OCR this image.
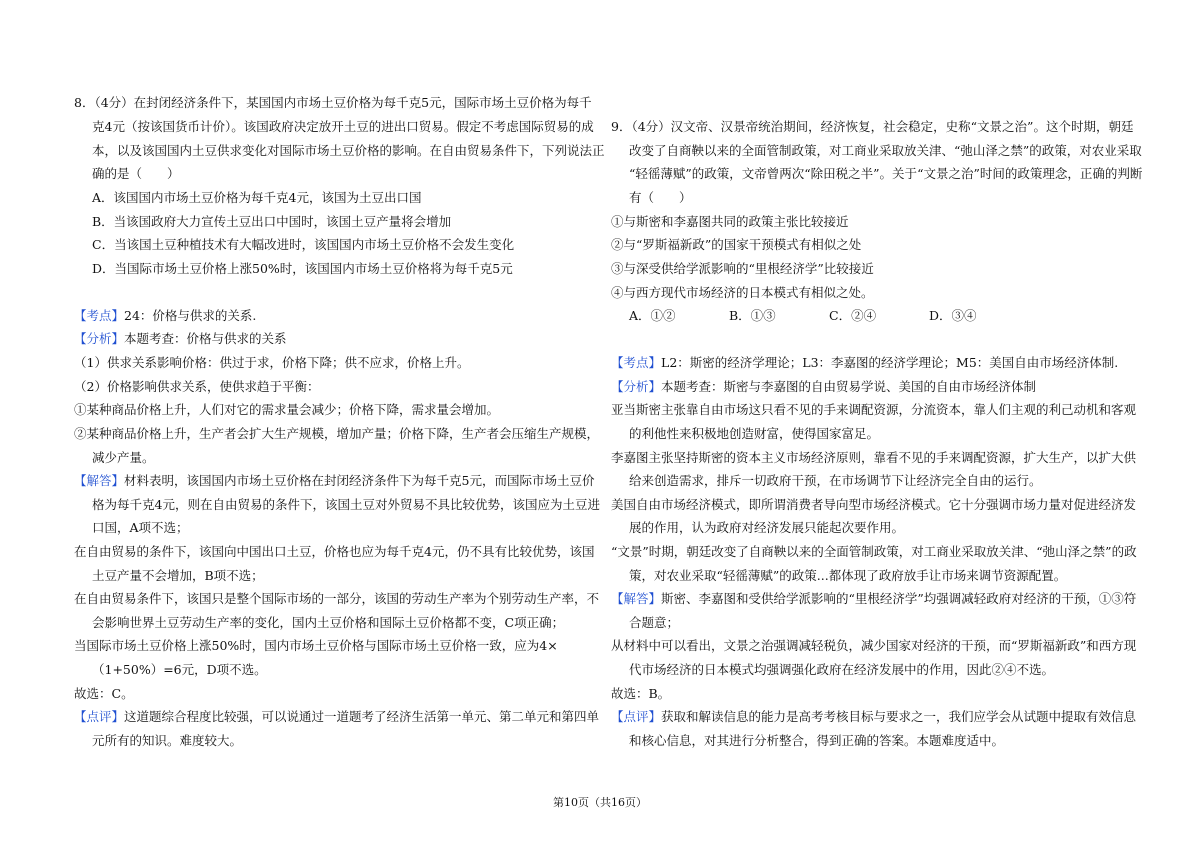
8．（4分）在封闭经济条件下，某国国内市场土豆价格为每千克5元，国际市场土豆价格为每千
克4元（按该国货币计价）。该国政府决定放开土豆的进出口贸易。假定不考虑国际贸易的成
本，以及该国国内土豆供求变化对国际市场土豆价格的影响。在自由贸易条件下，下列说法正
确的是（　　）
A．该国国内市场土豆价格为每千克4元，该国为土豆出口国
B．当该国政府大力宣传土豆出口中国时，该国土豆产量将会增加
C．当该国土豆种植技术有大幅改进时，该国国内市场土豆价格不会发生变化
D．当国际市场土豆价格上涨50%时，该国国内市场土豆价格将为每千克5元
【考点】24：价格与供求的关系.
【分析】本题考查：价格与供求的关系
（1）供求关系影响价格：供过于求，价格下降；供不应求，价格上升。
（2）价格影响供求关系，使供求趋于平衡：
①某种商品价格上升，人们对它的需求量会减少；价格下降，需求量会增加。
②某种商品价格上升，生产者会扩大生产规模，增加产量；价格下降，生产者会压缩生产规模，
减少产量。
【解答】材料表明，该国国内市场土豆价格在封闭经济条件下为每千克5元，而国际市场土豆价
格为每千克4元，则在自由贸易的条件下，该国土豆对外贸易不具比较优势，该国应为土豆进
口国，A项不选；
在自由贸易的条件下，该国向中国出口土豆，价格也应为每千克4元，仍不具有比较优势，该国
土豆产量不会增加，B项不选；
在自由贸易条件下，该国只是整个国际市场的一部分，该国的劳动生产率为个别劳动生产率，不
会影响世界土豆劳动生产率的变化，国内土豆价格和国际土豆价格都不变，C项正确；
当国际市场土豆价格上涨50%时，国内市场土豆价格与国际市场土豆价格一致，应为4×
（1+50%）=6元，D项不选。
故选：C。
【点评】这道题综合程度比较强，可以说通过一道题考了经济生活第一单元、第二单元和第四单
元所有的知识。难度较大。
9．（4分）汉文帝、汉景帝统治期间，经济恢复，社会稳定，史称“文景之治”。这个时期，朝廷
改变了自商鞅以来的全面管制政策，对工商业采取放关津、“弛山泽之禁”的政策，对农业采取
“轻徭薄赋”的政策，文帝曾两次“除田税之半”。关于“文景之治”时间的政策理念，正确的判断
有（　　）
①与斯密和李嘉图共同的政策主张比较接近
②与“罗斯福新政”的国家干预模式有相似之处
③与深受供给学派影响的“里根经济学”比较接近
④与西方现代市场经济的日本模式有相似之处。
A．①②	B．①③	C．②④	D．③④
【考点】L2：斯密的经济学理论；L3：李嘉图的经济学理论；M5：美国自由市场经济体制.
【分析】本题考查：斯密与李嘉图的自由贸易学说、美国的自由市场经济体制
亚当斯密主张靠自由市场这只看不见的手来调配资源，分流资本，靠人们主观的利己动机和客观
的利他性来积极地创造财富，使得国家富足。
李嘉图主张坚持斯密的资本主义市场经济原则，靠看不见的手来调配资源，扩大生产，以扩大供
给来创造需求，排斥一切政府干预，在市场调节下让经济完全自由的运行。
美国自由市场经济模式，即所谓消费者导向型市场经济模式。它十分强调市场力量对促进经济发
展的作用，认为政府对经济发展只能起次要作用。
“文景”时期，朝廷改变了自商鞅以来的全面管制政策，对工商业采取放关津、“弛山泽之禁”的政
策，对农业采取“轻徭薄赋”的政策...都体现了政府放手让市场来调节资源配置。
【解答】斯密、李嘉图和受供给学派影响的“里根经济学”均强调减轻政府对经济的干预，①③符
合题意；
从材料中可以看出，文景之治强调减轻税负，减少国家对经济的干预，而“罗斯福新政”和西方现
代市场经济的日本模式均强调强化政府在经济发展中的作用，因此②④不选。
故选：B。
【点评】获取和解读信息的能力是高考考核目标与要求之一，我们应学会从试题中提取有效信息
和核心信息，对其进行分析整合，得到正确的答案。本题难度适中。
第10页（共16页）
